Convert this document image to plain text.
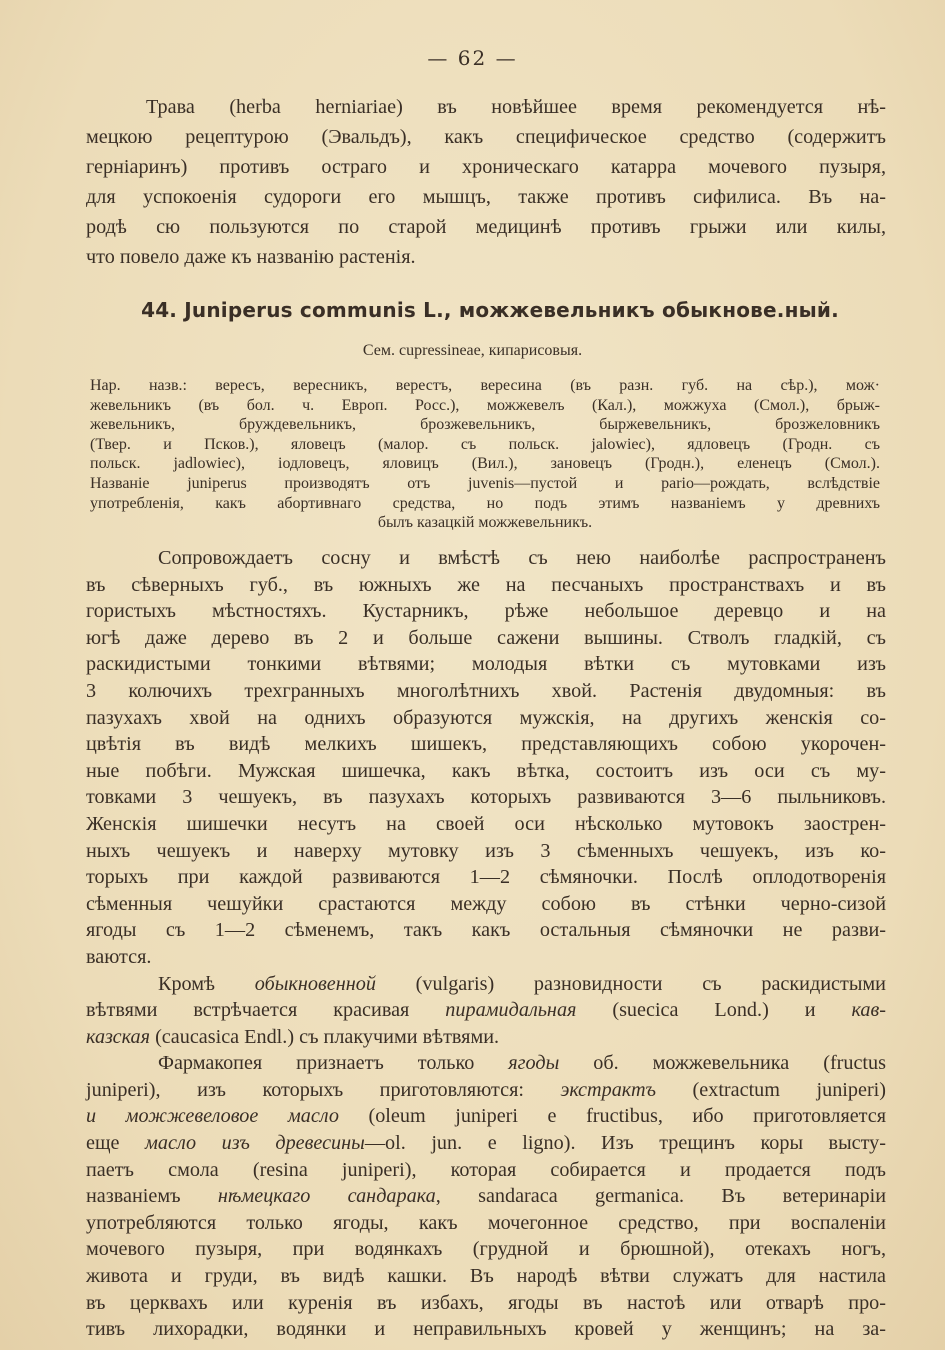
— 62 —
Трава (herba herniariae) въ новѣйшее время рекомендуется нѣ-
мецкою рецептурою (Эвальдъ), какъ специфическое средство (содержитъ
герніаринъ) противъ остраго и хроническаго катарра мочевого пузыря,
для успокоенія судороги его мышцъ, также противъ сифилиса. Въ на-
родѣ сю пользуются по старой медицинѣ противъ грыжи или килы,
что повело даже къ названію растенія.
44. Juniperus communis L., можжевельникъ обыкнове.ный.
Сем. cupressineae, кипарисовыя.
Нар. назв.: вересъ, вересникъ, верестъ, вересина (въ разн. губ. на сѣр.), мож·
жевельникъ (въ бол. ч. Европ. Росс.), можжевелъ (Кал.), можжуха (Смол.), брыж-
жевельникъ, бруждевельникъ, брозжевельникъ, быржевельникъ, брозжеловникъ
(Твер. и Псков.), яловецъ (малор. съ польск. jalowiec), ядловецъ (Гродн. съ
польск. jadlowiec), іодловецъ, яловицъ (Вил.), зановецъ (Гродн.), еленецъ (Смол.).
Названіе juniperus производятъ отъ juvenis—пустой и pario—рождать, вслѣдствіе
употребленія, какъ абортивнаго средства, но подъ этимъ названіемъ у древнихъ
былъ казацкій можжевельникъ.
Сопровождаетъ сосну и вмѣстѣ съ нею наиболѣе распространенъ
въ сѣверныхъ губ., въ южныхъ же на песчаныхъ пространствахъ и въ
гористыхъ мѣстностяхъ. Кустарникъ, рѣже небольшое деревцо и на
югѣ даже дерево въ 2 и больше сажени вышины. Стволъ гладкій, съ
раскидистыми тонкими вѣтвями; молодыя вѣтки съ мутовками изъ
3 колючихъ трехгранныхъ многолѣтнихъ хвой. Растенія двудомныя: въ
пазухахъ хвой на однихъ образуются мужскія, на другихъ женскія со-
цвѣтія въ видѣ мелкихъ шишекъ, представляющихъ собою укорочен-
ные побѣги. Мужская шишечка, какъ вѣтка, состоитъ изъ оси съ му-
товками 3 чешуекъ, въ пазухахъ которыхъ развиваются 3—6 пыльниковъ.
Женскія шишечки несутъ на своей оси нѣсколько мутовокъ заострен-
ныхъ чешуекъ и наверху мутовку изъ 3 сѣменныхъ чешуекъ, изъ ко-
торыхъ при каждой развиваются 1—2 сѣмяночки. Послѣ оплодотворенія
сѣменныя чешуйки срастаются между собою въ стѣнки черно-сизой
ягоды съ 1—2 сѣменемъ, такъ какъ остальныя сѣмяночки не разви-
ваются.
Кромѣ обыкновенной (vulgaris) разновидности съ раскидистыми
вѣтвями встрѣчается красивая пирамидальная (suecica Lond.) и кав-
казская (caucasica Endl.) съ плакучими вѣтвями.
Фармакопея признаетъ только ягоды об. можжевельника (fructus
juniperi), изъ которыхъ приготовляются: экстрактъ (extractum juniperi)
и можжевеловое масло (oleum juniperi e fructibus, ибо приготовляется
еще масло изъ древесины—ol. jun. e ligno). Изъ трещинъ коры высту-
паетъ смола (resina juniperi), которая собирается и продается подъ
названіемъ нѣмецкаго сандарака, sandaraca germanica. Въ ветеринаріи
употребляются только ягоды, какъ мочегонное средство, при воспаленіи
мочевого пузыря, при водянкахъ (грудной и брюшной), отекахъ ногъ,
живота и груди, въ видѣ кашки. Въ народѣ вѣтви служатъ для настила
въ церквахъ или куренія въ избахъ, ягоды въ настоѣ или отварѣ про-
тивъ лихорадки, водянки и неправильныхъ кровей у женщинъ; на за-
